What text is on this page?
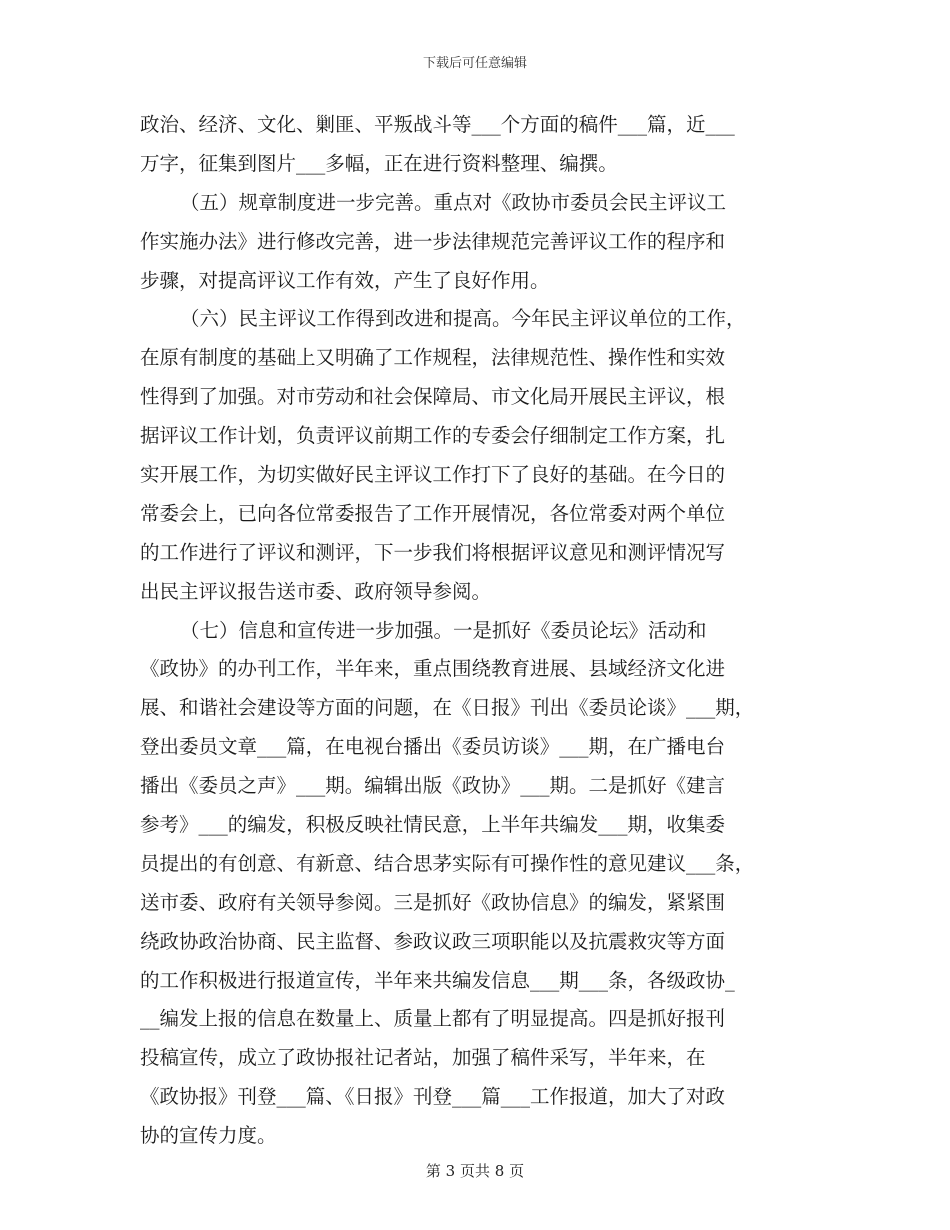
下载后可任意编辑
政治、经济、文化、剿匪、平叛战斗等___个方面的稿件___篇，近___
万字，征集到图片___多幅，正在进行资料整理、编撰。
（五）规章制度进一步完善。重点对《政协市委员会民主评议工
作实施办法》进行修改完善，进一步法律规范完善评议工作的程序和
步骤，对提高评议工作有效，产生了良好作用。
（六）民主评议工作得到改进和提高。今年民主评议单位的工作，
在原有制度的基础上又明确了工作规程，法律规范性、操作性和实效
性得到了加强。对市劳动和社会保障局、市文化局开展民主评议，根
据评议工作计划，负责评议前期工作的专委会仔细制定工作方案，扎
实开展工作，为切实做好民主评议工作打下了良好的基础。在今日的
常委会上，已向各位常委报告了工作开展情况，各位常委对两个单位
的工作进行了评议和测评，下一步我们将根据评议意见和测评情况写
出民主评议报告送市委、政府领导参阅。
（七）信息和宣传进一步加强。一是抓好《委员论坛》活动和
《政协》的办刊工作，半年来，重点围绕教育进展、县域经济文化进
展、和谐社会建设等方面的问题，在《日报》刊出《委员论谈》___期，
登出委员文章___篇，在电视台播出《委员访谈》___期，在广播电台
播出《委员之声》___期。编辑出版《政协》___期。二是抓好《建言
参考》___的编发，积极反映社情民意，上半年共编发___期，收集委
员提出的有创意、有新意、结合思茅实际有可操作性的意见建议___条，
送市委、政府有关领导参阅。三是抓好《政协信息》的编发，紧紧围
绕政协政治协商、民主监督、参政议政三项职能以及抗震救灾等方面
的工作积极进行报道宣传，半年来共编发信息___期___条，各级政协_
__编发上报的信息在数量上、质量上都有了明显提高。四是抓好报刊
投稿宣传，成立了政协报社记者站，加强了稿件采写，半年来，在
《政协报》刊登___篇、《日报》刊登___篇___工作报道，加大了对政
协的宣传力度。
第 3 页共 8 页
